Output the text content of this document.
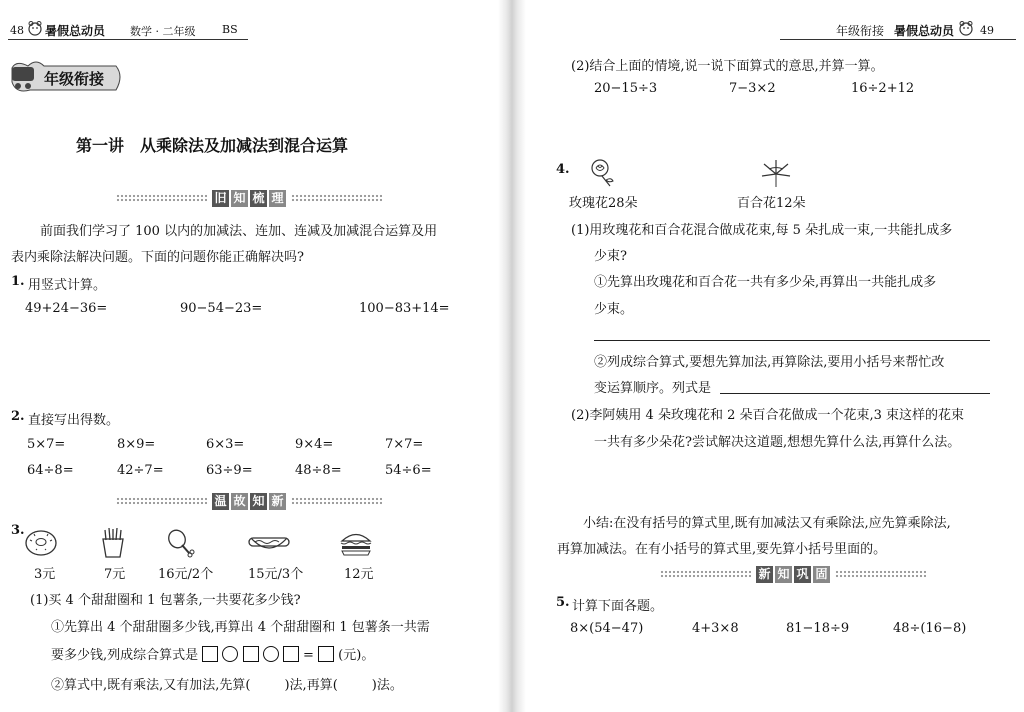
48 暑假总动员 数学 · 二年级 BS
年级衔接
第一讲　从乘除法及加减法到混合运算
旧 知 梳 理
前面我们学习了 100 以内的加减法、连加、连减及加减混合运算及用
表内乘除法解决问题。下面的问题你能正确解决吗?
1. 用竖式计算。
49+24−36=	90−54−23=	100−83+14=
2. 直接写出得数。
5×7=	8×9=	6×3=	9×4=	7×7=
64÷8=	42÷7=	63÷9=	48÷8=	54÷6=
温 故 知 新
3.
3元	7元	16元/2个	15元/3个	12元
(1)买 4 个甜甜圈和 1 包薯条,一共要花多少钱?
①先算出 4 个甜甜圈多少钱,再算出 4 个甜甜圈和 1 包薯条一共需
要多少钱,列成综合算式是	= (元)。
②算式中,既有乘法,又有加法,先算(	)法,再算(	)法。
年级衔接 暑假总动员 49
(2)结合上面的情境,说一说下面算式的意思,并算一算。
20−15÷3	7−3×2	16÷2+12
4.
玫瑰花28朵	百合花12朵
(1)用玫瑰花和百合花混合做成花束,每 5 朵扎成一束,一共能扎成多
少束?
①先算出玫瑰花和百合花一共有多少朵,再算出一共能扎成多
少束。
②列成综合算式,要想先算加法,再算除法,要用小括号来帮忙改
变运算顺序。列式是
(2)李阿姨用 4 朵玫瑰花和 2 朵百合花做成一个花束,3 束这样的花束
一共有多少朵花?尝试解决这道题,想想先算什么法,再算什么法。
小结:在没有括号的算式里,既有加减法又有乘除法,应先算乘除法,
再算加减法。在有小括号的算式里,要先算小括号里面的。
新 知 巩 固
5. 计算下面各题。
8×(54−47)	4+3×8	81−18÷9	48÷(16−8)
